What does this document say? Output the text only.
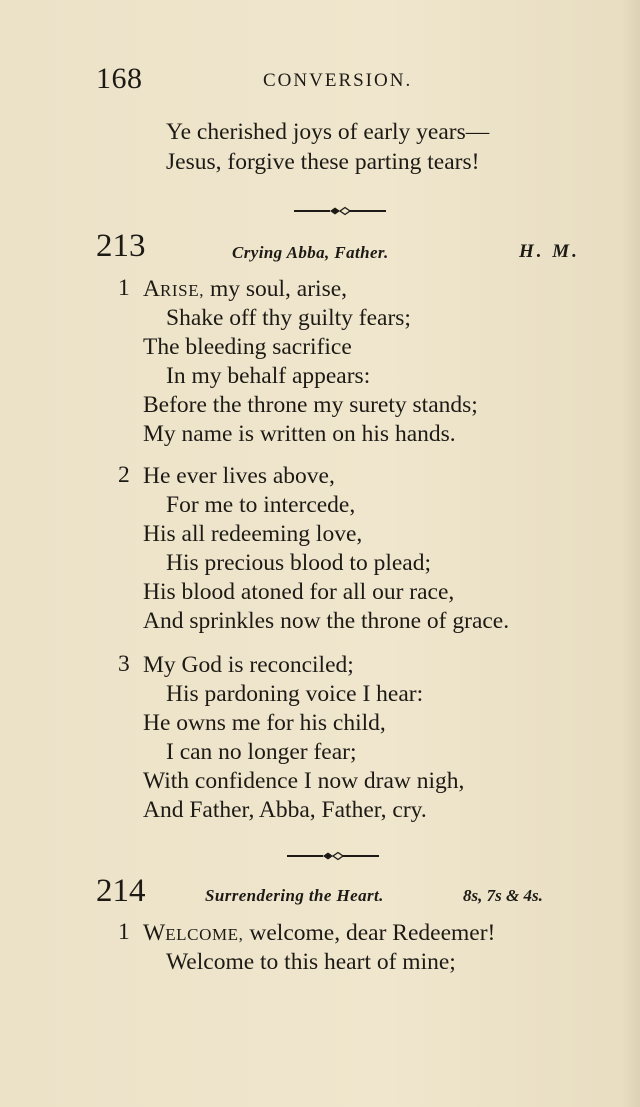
168	CONVERSION.
Ye cherished joys of early years—
Jesus, forgive these parting tears!
213	Crying Abba, Father.	H. M.
1 ARISE, my soul, arise,
Shake off thy guilty fears;
The bleeding sacrifice
In my behalf appears:
Before the throne my surety stands;
My name is written on his hands.
2 He ever lives above,
For me to intercede,
His all redeeming love,
His precious blood to plead;
His blood atoned for all our race,
And sprinkles now the throne of grace.
3 My God is reconciled;
His pardoning voice I hear:
He owns me for his child,
I can no longer fear;
With confidence I now draw nigh,
And Father, Abba, Father, cry.
214	Surrendering the Heart.	8s, 7s & 4s.
1 WELCOME, welcome, dear Redeemer!
Welcome to this heart of mine;
